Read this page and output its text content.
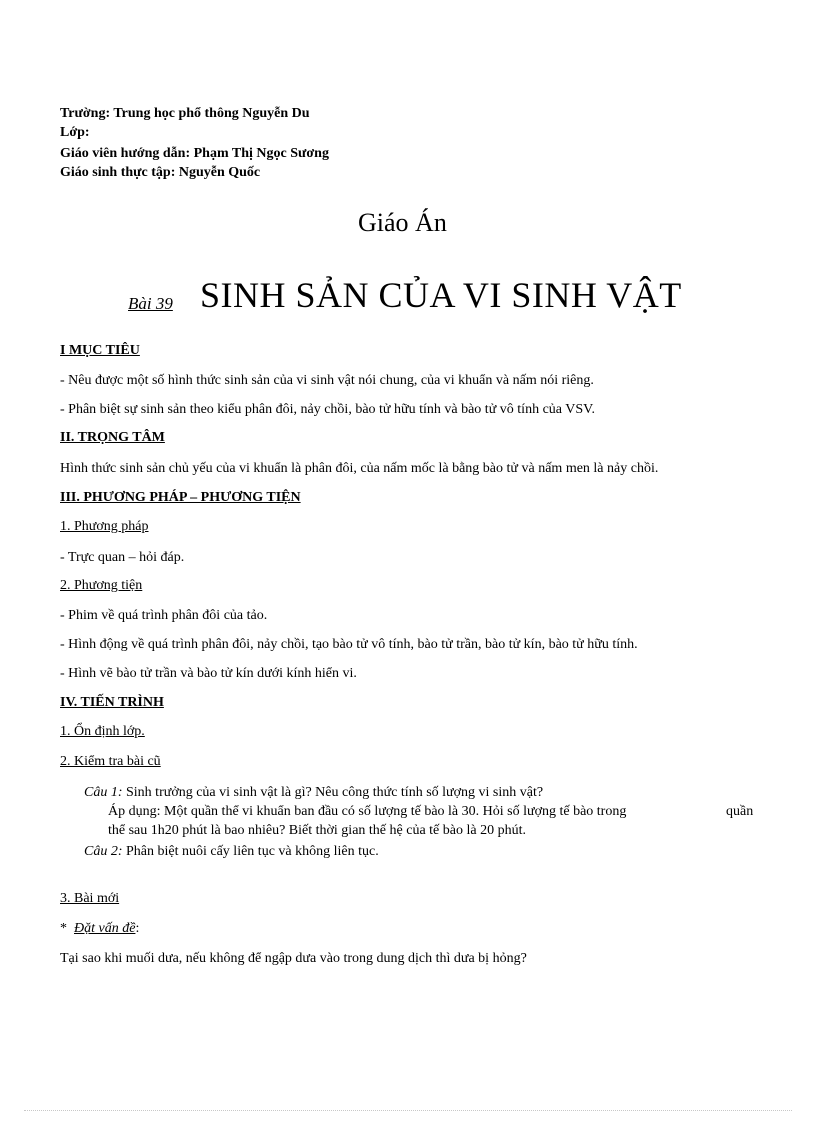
Trường: Trung học phổ thông Nguyễn Du
Lớp:
Giáo viên hướng dẫn: Phạm Thị Ngọc Sương
Giáo sinh thực tập: Nguyễn Quốc
Giáo Án
Bài 39 SINH SẢN CỦA VI SINH VẬT
I MỤC TIÊU
- Nêu được một số hình thức sinh sản của vi sinh vật nói chung, của vi khuẩn và nấm nói riêng.
- Phân biệt sự sinh sản theo kiểu phân đôi, nảy chồi, bào tử hữu tính và bào tử vô tính của VSV.
II. TRỌNG TÂM
Hình thức sinh sản chủ yếu của vi khuẩn là phân đôi, của nấm mốc là bằng bào tử và nấm men là nảy chồi.
III. PHƯƠNG PHÁP – PHƯƠNG TIỆN
1. Phương pháp
- Trực quan – hỏi đáp.
2. Phương tiện
- Phim về quá trình phân đôi của tảo.
- Hình động về quá trình phân đôi, nảy chồi, tạo bào tử vô tính, bào tử trần, bào tử kín, bào tử hữu tính.
- Hình vẽ bào tử trần và bào tử kín dưới kính hiển vi.
IV. TIẾN TRÌNH
1. Ổn định lớp.
2. Kiểm tra bài cũ
Câu 1: Sinh trưởng của vi sinh vật là gì? Nêu công thức tính số lượng vi sinh vật?
Áp dụng: Một quần thể vi khuẩn ban đầu có số lượng tế bào là 30. Hỏi số lượng tế bào trong	quần
thể sau 1h20 phút là bao nhiêu? Biết thời gian thế hệ của tế bào là 20 phút.
Câu 2: Phân biệt nuôi cấy liên tục và không liên tục.
3. Bài mới
* Đặt vấn đề:
Tại sao khi muối dưa, nếu không để ngập dưa vào trong dung dịch thì dưa bị hỏng?
